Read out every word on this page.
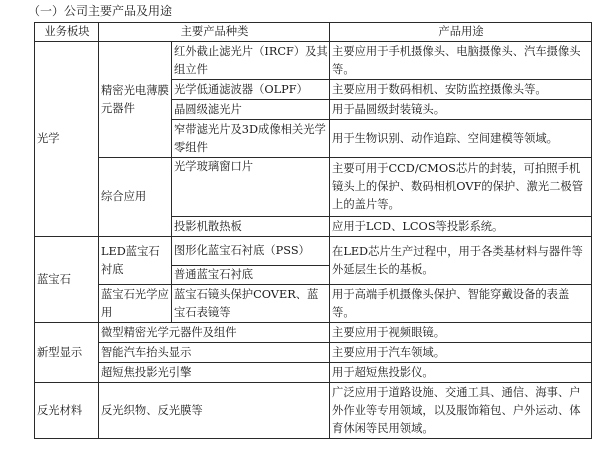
（一）公司主要产品及用途
业务板块	主要产品种类		产品用途
光学	精密光电薄膜元器件	红外截止滤光片（IRCF）及其组立件	主要应用于手机摄像头、电脑摄像头、汽车摄像头等。
		光学低通滤波器（OLPF）	主要应用于数码相机、安防监控摄像头等。
		晶圆级滤光片	用于晶圆级封装镜头。
		窄带滤光片及3D成像相关光学零组件	用于生物识别、动作追踪、空间建模等领域。
	综合应用	光学玻璃窗口片	主要可用于CCD/CMOS芯片的封装，可拍照手机镜头上的保护、数码相机OVF的保护、激光二极管上的盖片等。
		投影机散热板	应用于LCD、LCOS等投影系统。
蓝宝石	LED蓝宝石衬底	图形化蓝宝石衬底（PSS）	在LED芯片生产过程中，用于各类基材料与器件等外延层生长的基板。
		普通蓝宝石衬底	
	蓝宝石光学应用	蓝宝石镜头保护COVER、蓝宝石表镜等	用于高端手机摄像头保护、智能穿戴设备的表盖等。
新型显示	微型精密光学元器件及组件		主要应用于视频眼镜。
	智能汽车抬头显示		主要应用于汽车领域。
	超短焦投影光引擎		用于超短焦投影仪。
反光材料	反光织物、反光膜等		广泛应用于道路设施、交通工具、通信、海事、户外作业等专用领域，以及服饰箱包、户外运动、体育休闲等民用领域。
